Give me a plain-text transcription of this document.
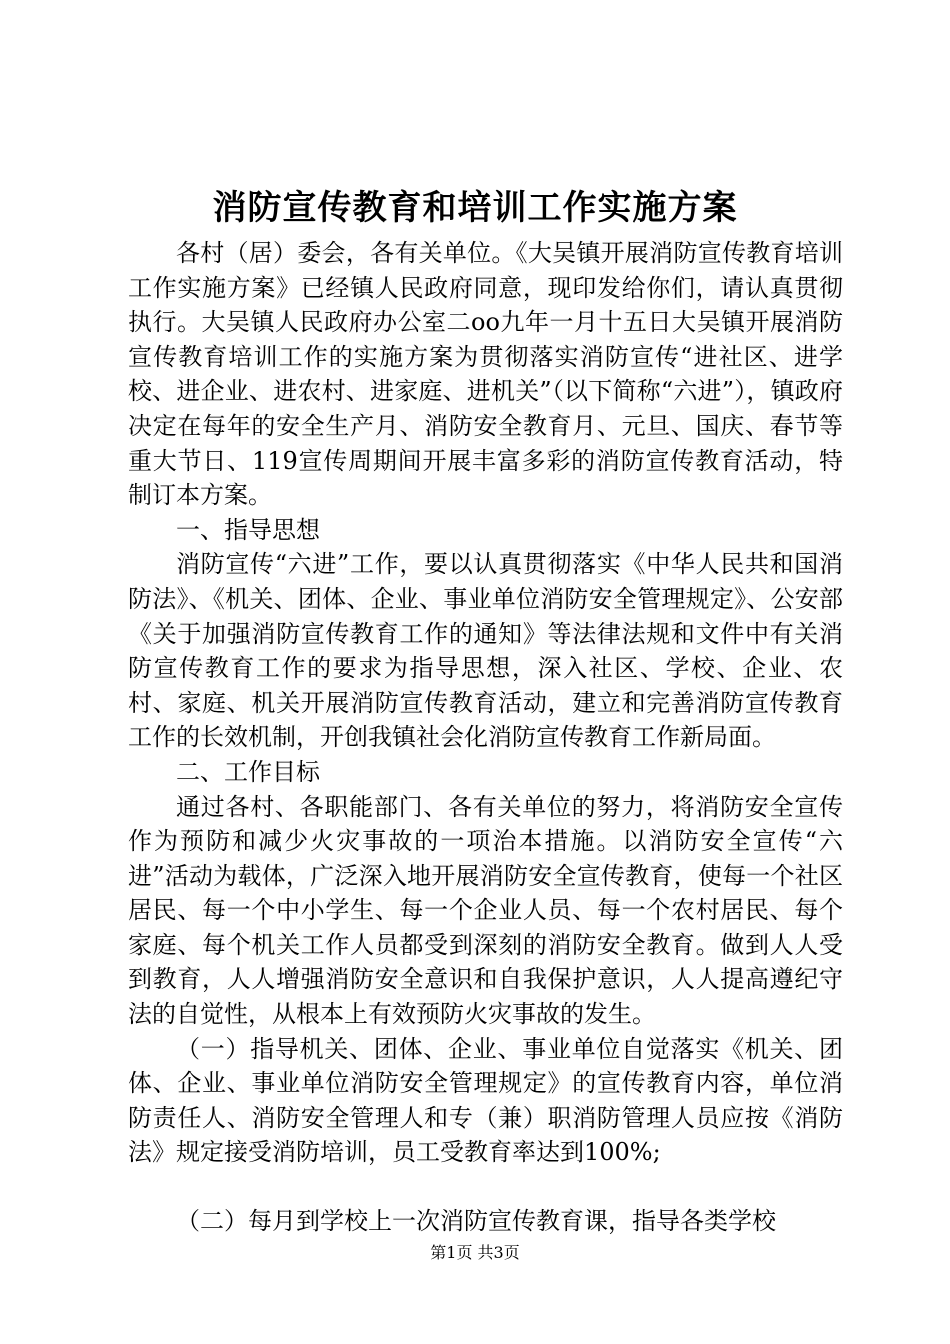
消防宣传教育和培训工作实施方案

各村（居）委会，各有关单位。《大吴镇开展消防宣传教育培训工作实施方案》已经镇人民政府同意，现印发给你们，请认真贯彻执行。大吴镇人民政府办公室二oo九年一月十五日大吴镇开展消防宣传教育培训工作的实施方案为贯彻落实消防宣传“进社区、进学校、进企业、进农村、进家庭、进机关”（以下简称“六进”），镇政府决定在每年的安全生产月、消防安全教育月、元旦、国庆、春节等重大节日、119宣传周期间开展丰富多彩的消防宣传教育活动，特制订本方案。

一、指导思想

消防宣传“六进”工作，要以认真贯彻落实《中华人民共和国消防法》、《机关、团体、企业、事业单位消防安全管理规定》、公安部《关于加强消防宣传教育工作的通知》等法律法规和文件中有关消防宣传教育工作的要求为指导思想，深入社区、学校、企业、农村、家庭、机关开展消防宣传教育活动，建立和完善消防宣传教育工作的长效机制，开创我镇社会化消防宣传教育工作新局面。

二、工作目标

通过各村、各职能部门、各有关单位的努力，将消防安全宣传作为预防和减少火灾事故的一项治本措施。以消防安全宣传“六进”活动为载体，广泛深入地开展消防安全宣传教育，使每一个社区居民、每一个中小学生、每一个企业人员、每一个农村居民、每个家庭、每个机关工作人员都受到深刻的消防安全教育。做到人人受到教育，人人增强消防安全意识和自我保护意识，人人提高遵纪守法的自觉性，从根本上有效预防火灾事故的发生。

（一）指导机关、团体、企业、事业单位自觉落实《机关、团体、企业、事业单位消防安全管理规定》的宣传教育内容，单位消防责任人、消防安全管理人和专（兼）职消防管理人员应按《消防法》规定接受消防培训，员工受教育率达到100%;

（二）每月到学校上一次消防宣传教育课，指导各类学校

第1页 共3页
